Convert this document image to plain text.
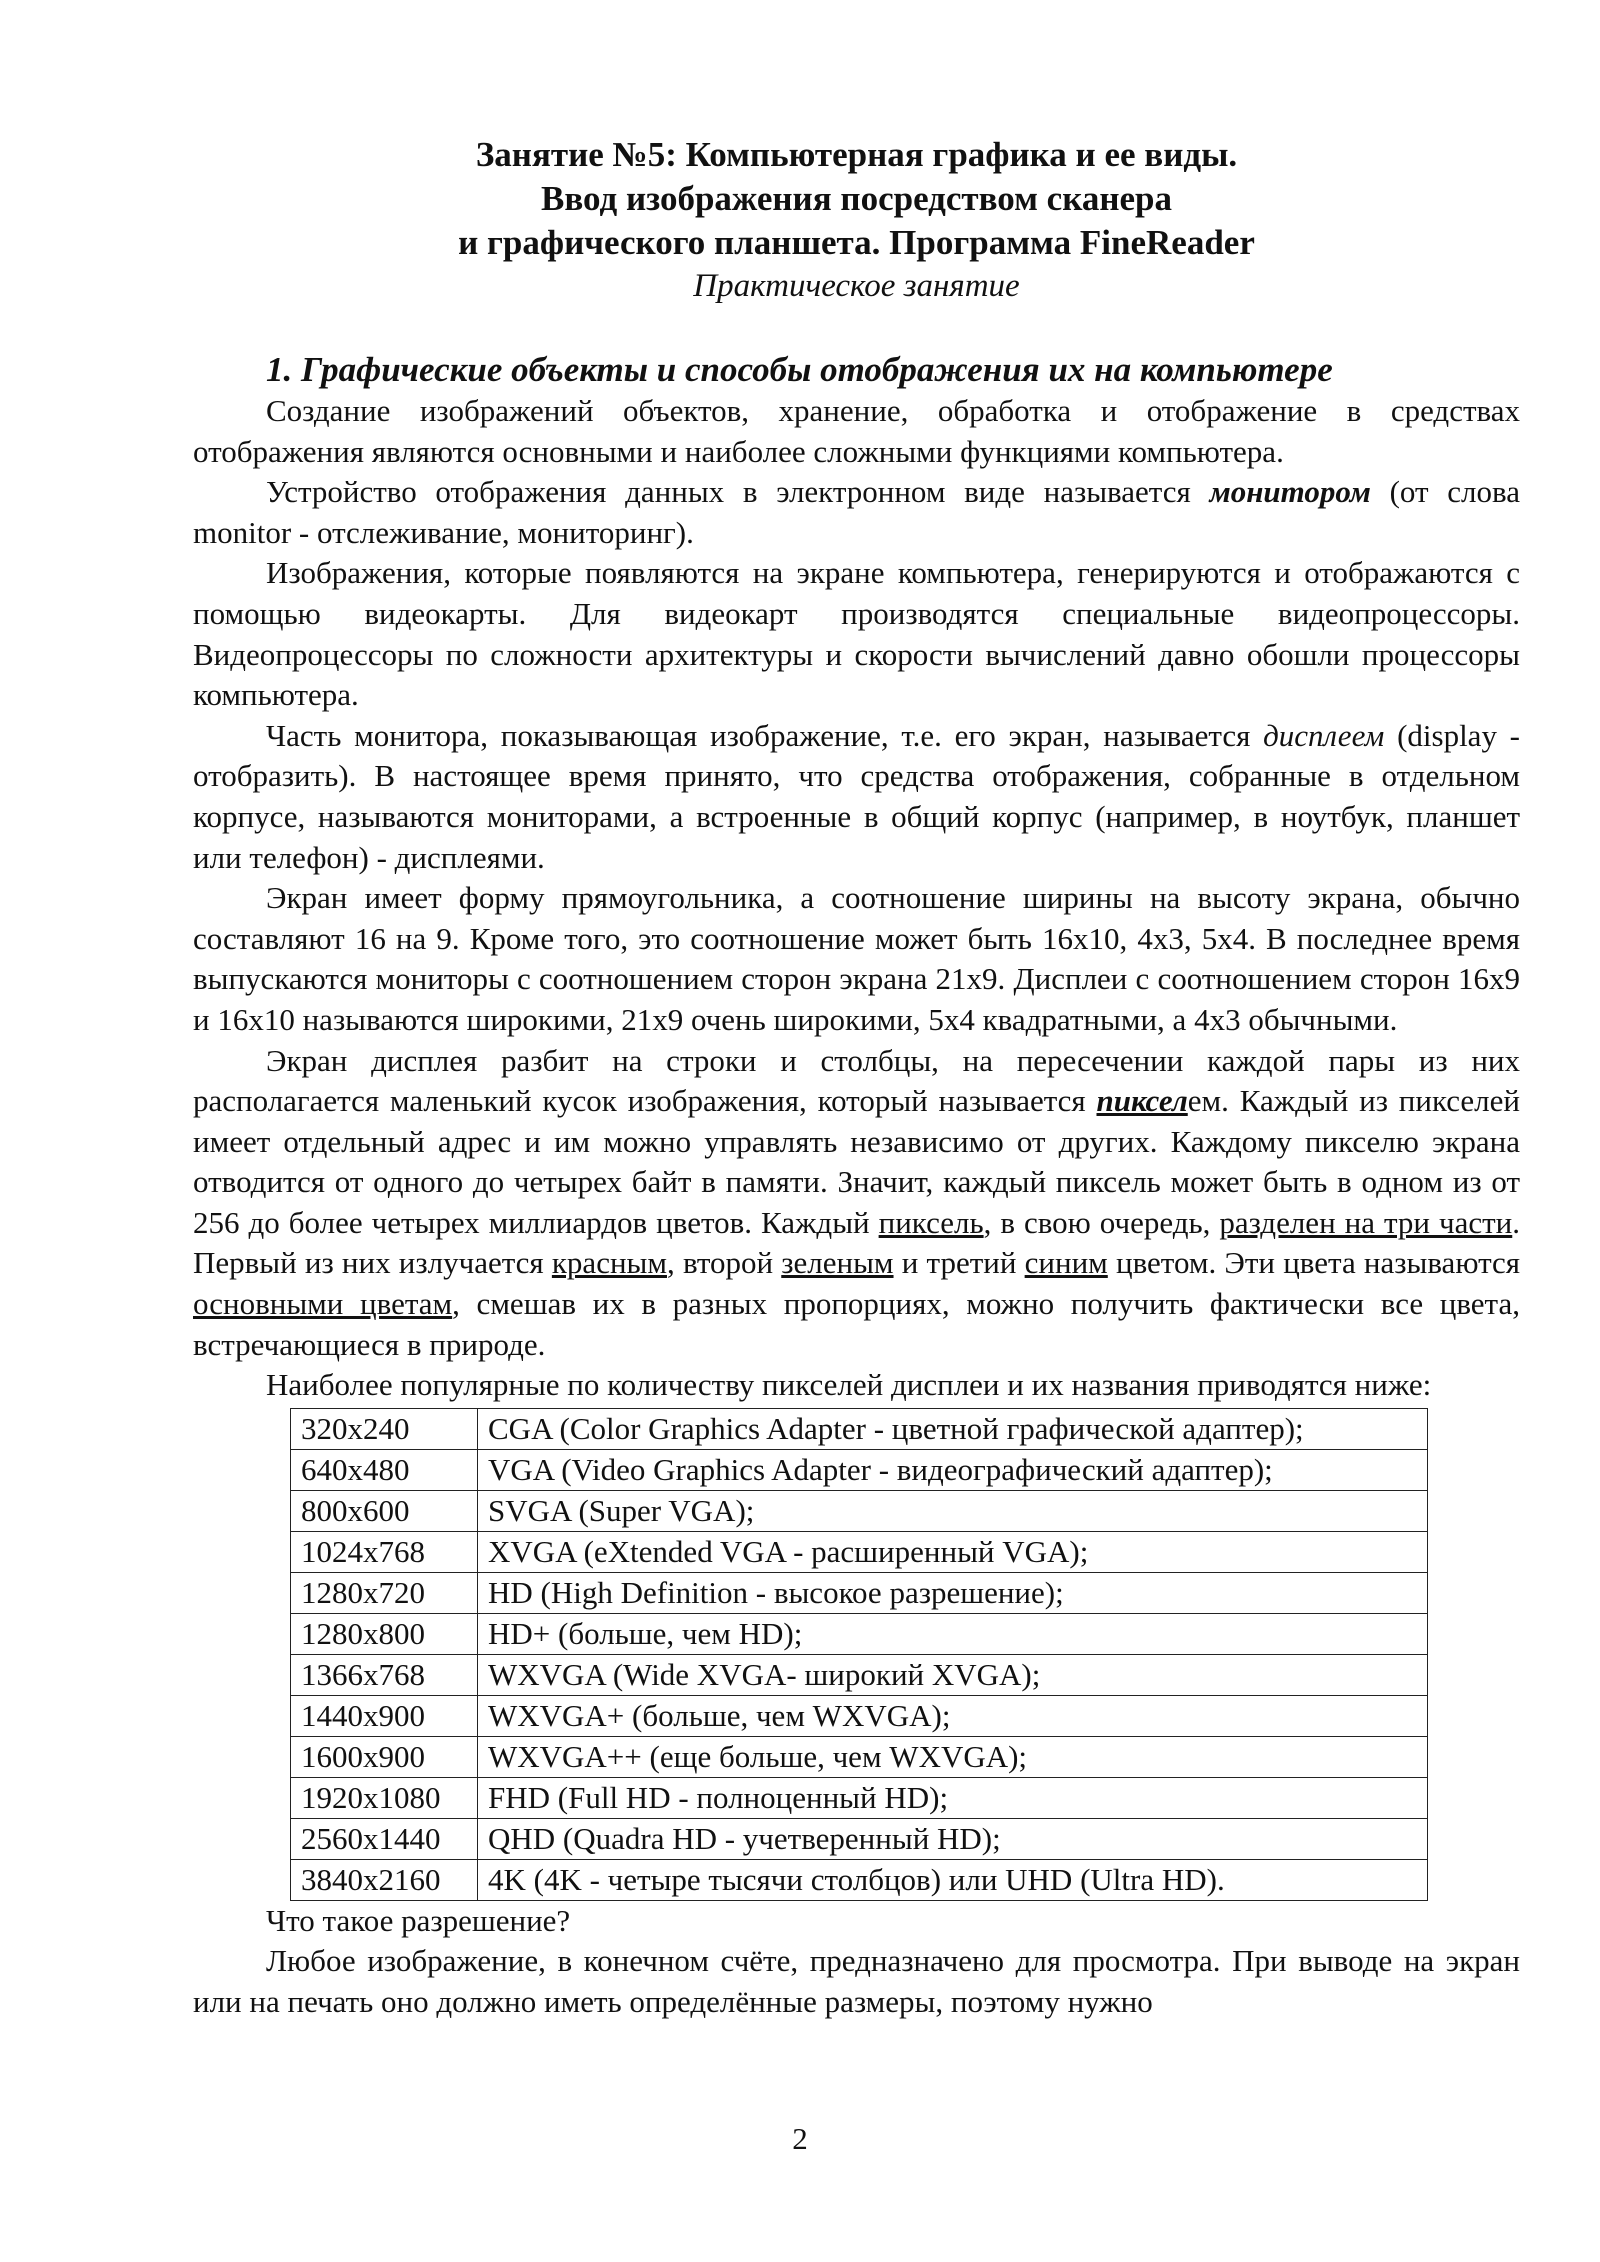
Занятие №5: Компьютерная графика и ее виды.
Ввод изображения посредством сканера
и графического планшета. Программа FineReader
Практическое занятие
1. Графические объекты и способы отображения их на компьютере

Создание изображений объектов, хранение, обработка и отображение в средствах отображения являются основными и наиболее сложными функциями компьютера.

Устройство отображения данных в электронном виде называется монитором (от слова monitor - отслеживание, мониторинг).

Изображения, которые появляются на экране компьютера, генерируются и отображаются с помощью видеокарты. Для видеокарт производятся специальные видеопроцессоры. Видеопроцессоры по сложности архитектуры и скорости вычислений давно обошли процессоры компьютера.

Часть монитора, показывающая изображение, т.е. его экран, называется дисплеем (display - отобразить). В настоящее время принято, что средства отображения, собранные в отдельном корпусе, называются мониторами, а встроенные в общий корпус (например, в ноутбук, планшет или телефон) - дисплеями.

Экран имеет форму прямоугольника, а соотношение ширины на высоту экрана, обычно составляют 16 на 9. Кроме того, это соотношение может быть 16х10, 4х3, 5х4. В последнее время выпускаются мониторы с соотношением сторон экрана 21х9. Дисплеи с соотношением сторон 16х9 и 16х10 называются широкими, 21х9 очень широкими, 5х4 квадратными, а 4х3 обычными.

Экран дисплея разбит на строки и столбцы, на пересечении каждой пары из них располагается маленький кусок изображения, который называется пикселем. Каждый из пикселей имеет отдельный адрес и им можно управлять независимо от других. Каждому пикселю экрана отводится от одного до четырех байт в памяти. Значит, каждый пиксель может быть в одном из от 256 до более четырех миллиардов цветов. Каждый пиксель, в свою очередь, разделен на три части. Первый из них излучается красным, второй зеленым и третий синим цветом. Эти цвета называются основными цветам, смешав их в разных пропорциях, можно получить фактически все цвета, встречающиеся в природе.

Наиболее популярные по количеству пикселей дисплеи и их названия приводятся ниже:

320x240	CGA (Color Graphics Adapter - цветной графической адаптер);
640x480	VGA (Video Graphics Adapter - видеографический адаптер);
800x600	SVGA (Super VGA);
1024x768	XVGA (eXtended VGA - расширенный VGA);
1280x720	HD (High Definition - высокое разрешение);
1280x800	HD+ (больше, чем HD);
1366x768	WXVGA (Wide XVGA- широкий XVGA);
1440x900	WXVGA+ (больше, чем WXVGA);
1600x900	WXVGA++ (еще больше, чем WXVGA);
1920x1080	FHD (Full HD - полноценный HD);
2560x1440	QHD (Quadra HD - учетверенный HD);
3840x2160	4K (4K - четыре тысячи столбцов) или UHD (Ultra HD).

Что такое разрешение?

Любое изображение, в конечном счёте, предназначено для просмотра. При выводе на экран или на печать оно должно иметь определённые размеры, поэтому нужно

2
